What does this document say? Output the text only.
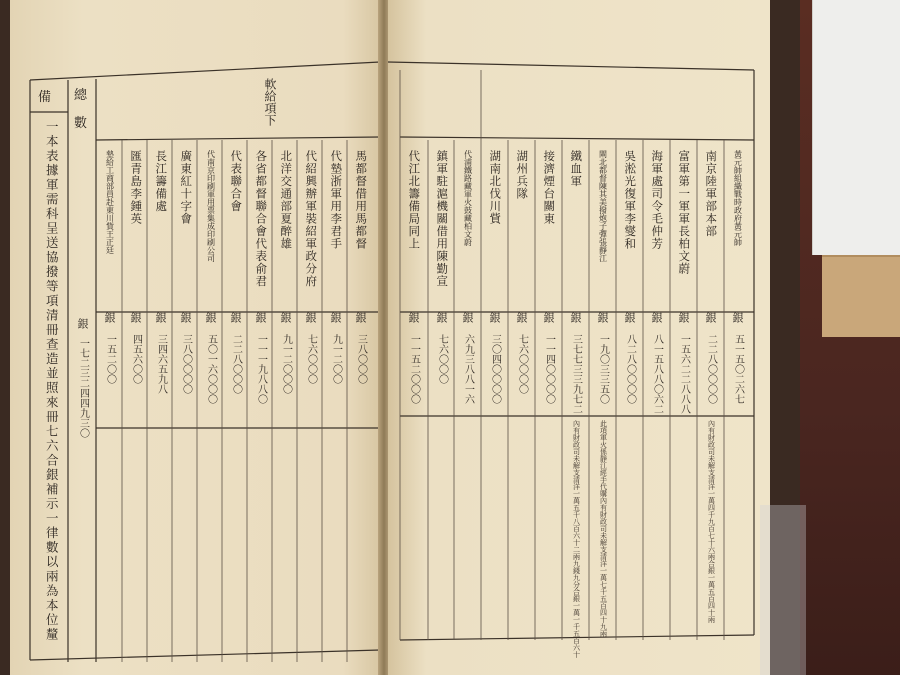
備 總
數	軟給項下
一本表據軍需科呈送協撥等項清冊查造並照來冊七六合銀補示一律數以兩為本位釐 銀
一七二三二四四九三〇
馬都督借用馬都督
銀
三八〇〇〇
代墊浙軍用李君手
銀
九一二〇〇
代紹興辦軍裝紹軍政分府
銀
七六〇〇〇
北洋交通部夏醉雄
銀
九一二〇〇〇
各省都督聯合會代表俞君
銀
一一一九八八〇
代表聯合會
銀
二二八〇〇〇
代南京印刷軍用票集成印刷公司
銀
五〇一六〇〇〇
廣東紅十字會
銀
三八〇〇〇〇
長江籌備處
銀
三四六五九八
匯青島李鍾英
銀
四五六〇〇
墊給工商部員赴東川貲王正廷
銀
一五二〇〇
黃元帥組織戰時政府黃元帥
銀
五一五〇二六七
南京陸軍部本部
銀
二二八〇〇〇〇
富軍第一軍軍長柏文蔚
銀
一五六二二八八八
海軍處司令毛仲芳
銀
八一五八八〇六二
吳淞光復軍李燮和
銀
八二八〇〇〇〇
閘北都督陳其美撥炮子彈張靜江
銀
一九〇三三五〇
鐵血軍
銀
三七七三三九七二
接濟煙台關東
銀
一一四〇〇〇〇
湖州兵隊
銀
七六〇〇〇〇
湖南北伐川貲
銀
三〇四〇〇〇〇
代浦鐵路藏軍火鼓藏柏文蔚
銀
六九三八八一六
鎮軍駐滬機關借用陳勤宣
銀
七六〇〇〇
代江北籌備局同上
銀
一一五二〇〇〇
內有財政司未解支清洋一萬四千九百七十六兩合銀一萬五百四十兩
此項軍火係靜江經手代購內有財政司未解支清洋一萬七千五百四十九兩
內有財政司未解支清洋一萬五千八百六十二兩九錢九分合銀一萬一千五百六十
